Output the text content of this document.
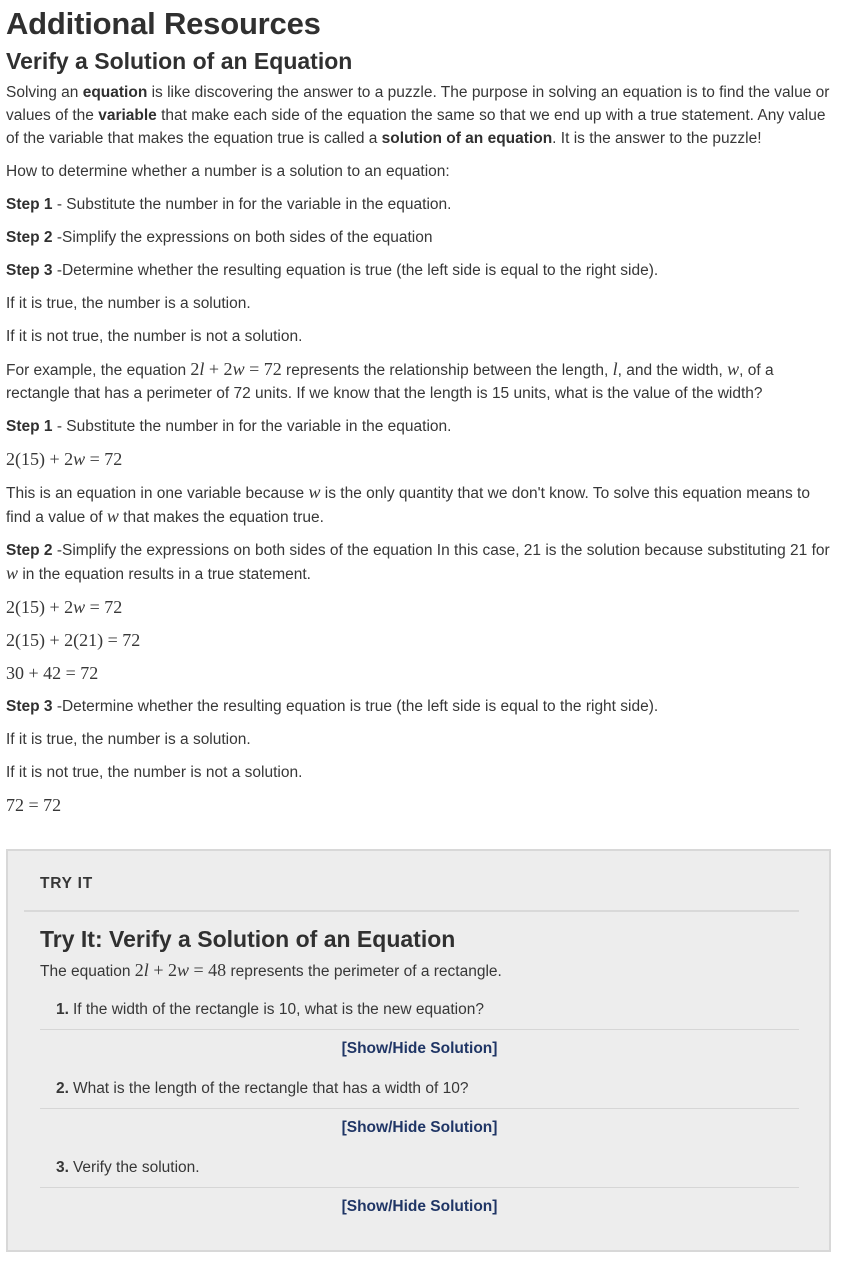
Additional Resources
Verify a Solution of an Equation

Solving an equation is like discovering the answer to a puzzle. The purpose in solving an equation is to find the value or values of the variable that make each side of the equation the same so that we end up with a true statement. Any value of the variable that makes the equation true is called a solution of an equation. It is the answer to the puzzle!

How to determine whether a number is a solution to an equation:

Step 1 - Substitute the number in for the variable in the equation.

Step 2 -Simplify the expressions on both sides of the equation

Step 3 -Determine whether the resulting equation is true (the left side is equal to the right side).

If it is true, the number is a solution.

If it is not true, the number is not a solution.

For example, the equation 2l + 2w = 72 represents the relationship between the length, l, and the width, w, of a rectangle that has a perimeter of 72 units. If we know that the length is 15 units, what is the value of the width?

Step 1 - Substitute the number in for the variable in the equation.

2(15) + 2w = 72

This is an equation in one variable because w is the only quantity that we don't know. To solve this equation means to find a value of w that makes the equation true.

Step 2 -Simplify the expressions on both sides of the equation In this case, 21 is the solution because substituting 21 for w in the equation results in a true statement.

2(15) + 2w = 72

2(15) + 2(21) = 72

30 + 42 = 72

Step 3 -Determine whether the resulting equation is true (the left side is equal to the right side).

If it is true, the number is a solution.

If it is not true, the number is not a solution.

72 = 72

TRY IT
Try It: Verify a Solution of an Equation

The equation 2l + 2w = 48 represents the perimeter of a rectangle.

1. If the width of the rectangle is 10, what is the new equation?
[Show/Hide Solution]
2. What is the length of the rectangle that has a width of 10?
[Show/Hide Solution]
3. Verify the solution.
[Show/Hide Solution]
